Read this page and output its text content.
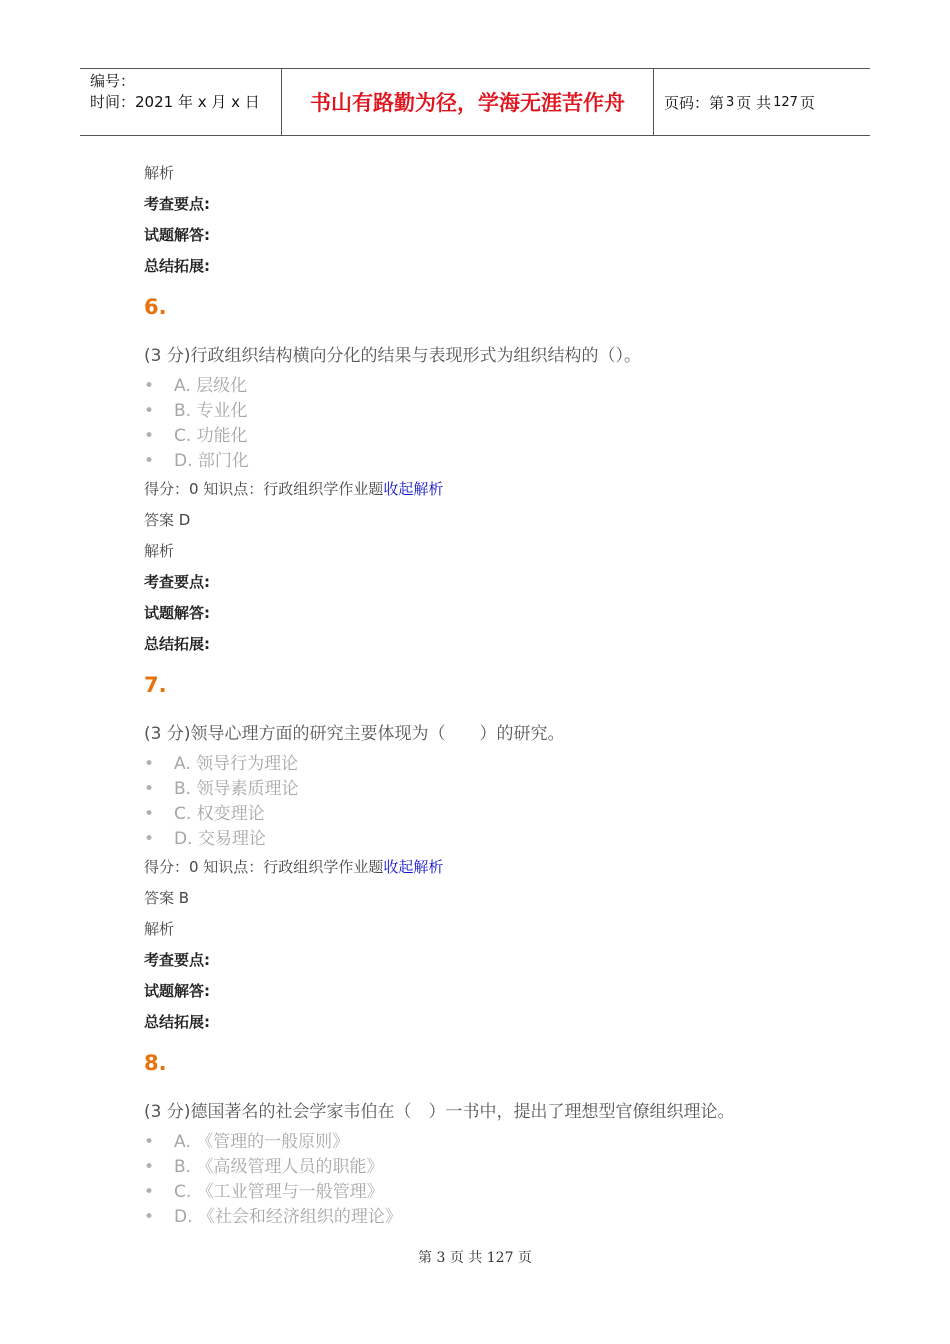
编号：
时间：2021 年 x 月 x 日	书山有路勤为径，学海无涯苦作舟	页码：第 3 页 共 127 页
解析
考查要点:
试题解答:
总结拓展:
6.
(3 分)行政组织结构横向分化的结果与表现形式为组织结构的（）。
• A. 层级化
• B. 专业化
• C. 功能化
• D. 部门化
得分：0 知识点：行政组织学作业题收起解析
答案 D
解析
考查要点:
试题解答:
总结拓展:
7.
(3 分)领导心理方面的研究主要体现为（　　）的研究。
• A. 领导行为理论
• B. 领导素质理论
• C. 权变理论
• D. 交易理论
得分：0 知识点：行政组织学作业题收起解析
答案 B
解析
考查要点:
试题解答:
总结拓展:
8.
(3 分)德国著名的社会学家韦伯在（　）一书中，提出了理想型官僚组织理论。
• A. 《管理的一般原则》
• B. 《高级管理人员的职能》
• C. 《工业管理与一般管理》
• D. 《社会和经济组织的理论》
第 3 页 共 127 页
